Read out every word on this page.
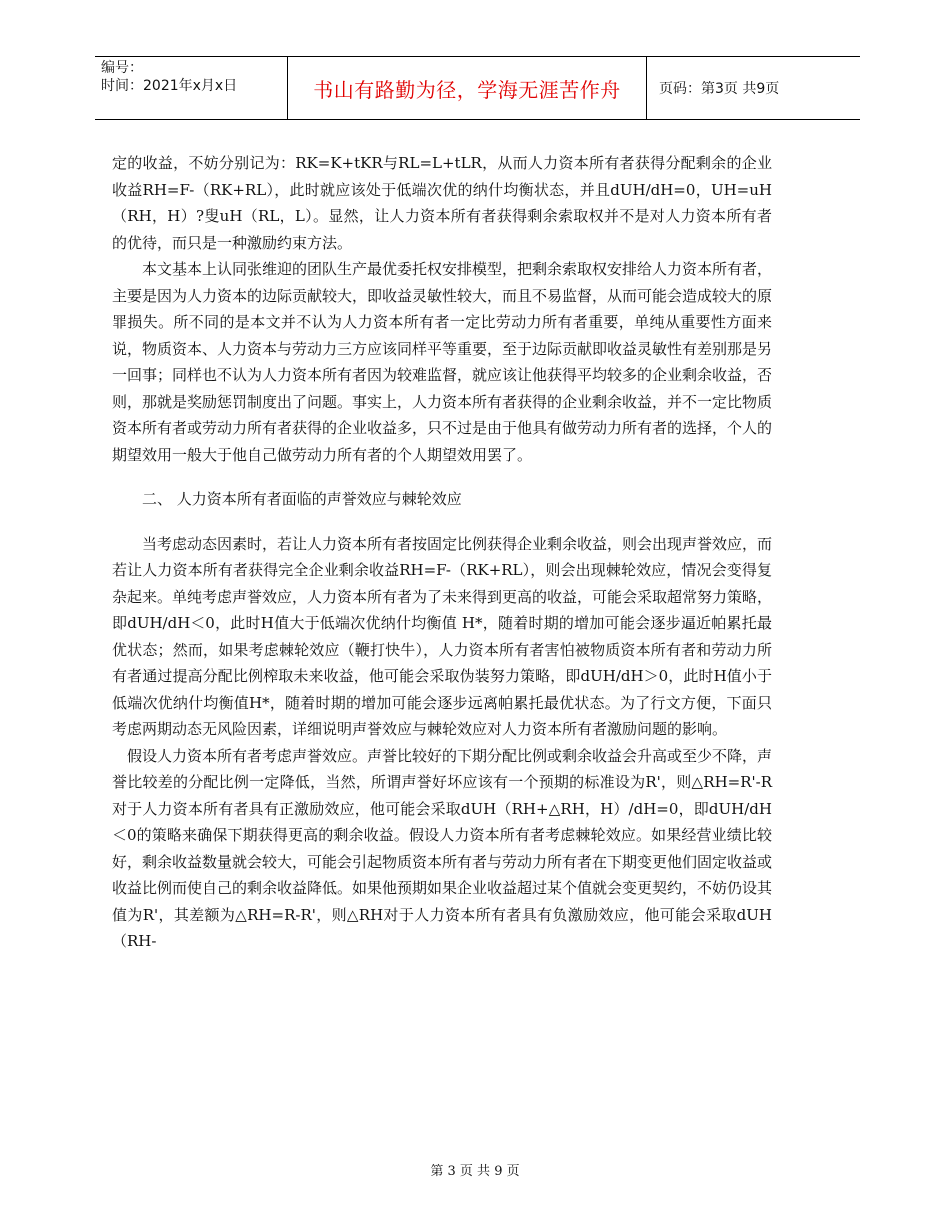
编号：
时间：2021年x月x日	书山有路勤为径，学海无涯苦作舟	页码：第3页 共9页

定的收益，不妨分别记为：RK=K+tKR与RL=L+tLR，从而人力资本所有者获得分配剩余的企业收益RH=F-（RK+RL），此时就应该处于低端次优的纳什均衡状态，并且dUH/dH=0，UH=uH（RH，H）?叟uH（RL，L）。显然，让人力资本所有者获得剩余索取权并不是对人力资本所有者的优待，而只是一种激励约束方法。

本文基本上认同张维迎的团队生产最优委托权安排模型，把剩余索取权安排给人力资本所有者，主要是因为人力资本的边际贡献较大，即收益灵敏性较大，而且不易监督，从而可能会造成较大的原罪损失。所不同的是本文并不认为人力资本所有者一定比劳动力所有者重要，单纯从重要性方面来说，物质资本、人力资本与劳动力三方应该同样平等重要，至于边际贡献即收益灵敏性有差别那是另一回事；同样也不认为人力资本所有者因为较难监督，就应该让他获得平均较多的企业剩余收益，否则，那就是奖励惩罚制度出了问题。事实上，人力资本所有者获得的企业剩余收益，并不一定比物质资本所有者或劳动力所有者获得的企业收益多，只不过是由于他具有做劳动力所有者的选择，个人的期望效用一般大于他自己做劳动力所有者的个人期望效用罢了。

二、 人力资本所有者面临的声誉效应与棘轮效应

当考虑动态因素时，若让人力资本所有者按固定比例获得企业剩余收益，则会出现声誉效应，而若让人力资本所有者获得完全企业剩余收益RH=F-（RK+RL），则会出现棘轮效应，情况会变得复杂起来。单纯考虑声誉效应，人力资本所有者为了未来得到更高的收益，可能会采取超常努力策略，即dUH/dH＜0，此时H值大于低端次优纳什均衡值 H*，随着时期的增加可能会逐步逼近帕累托最优状态；然而，如果考虑棘轮效应（鞭打快牛），人力资本所有者害怕被物质资本所有者和劳动力所有者通过提高分配比例榨取未来收益，他可能会采取伪装努力策略，即dUH/dH＞0，此时H值小于低端次优纳什均衡值H*，随着时期的增加可能会逐步远离帕累托最优状态。为了行文方便，下面只考虑两期动态无风险因素，详细说明声誉效应与棘轮效应对人力资本所有者激励问题的影响。

假设人力资本所有者考虑声誉效应。声誉比较好的下期分配比例或剩余收益会升高或至少不降，声誉比较差的分配比例一定降低，当然，所谓声誉好坏应该有一个预期的标准设为R'，则△RH=R'-R对于人力资本所有者具有正激励效应，他可能会采取dUH（RH+△RH，H）/dH=0，即dUH/dH＜0的策略来确保下期获得更高的剩余收益。假设人力资本所有者考虑棘轮效应。如果经营业绩比较好，剩余收益数量就会较大，可能会引起物质资本所有者与劳动力所有者在下期变更他们固定收益或收益比例而使自己的剩余收益降低。如果他预期如果企业收益超过某个值就会变更契约，不妨仍设其值为R'，其差额为△RH=R-R'，则△RH对于人力资本所有者具有负激励效应，他可能会采取dUH（RH-

第 3 页 共 9 页
